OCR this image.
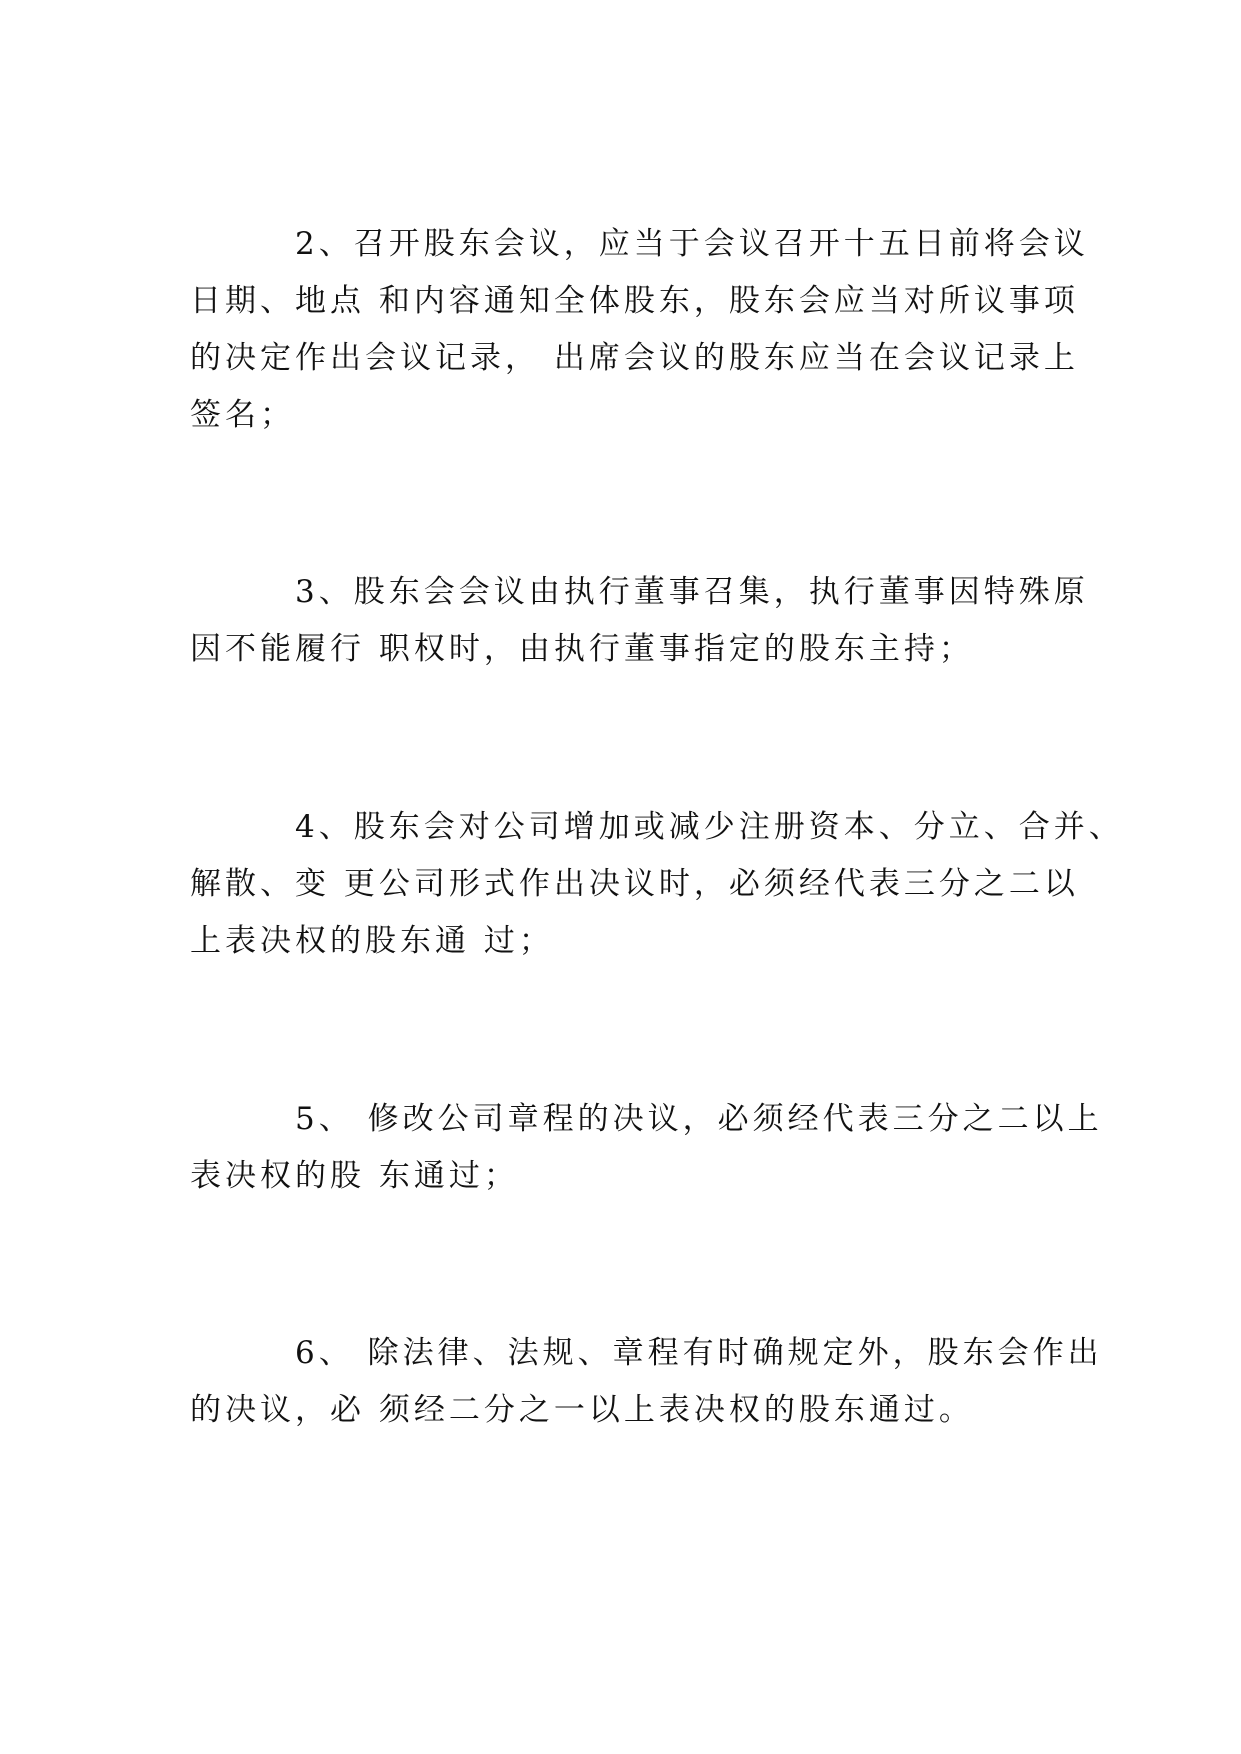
2、召开股东会议，应当于会议召开十五日前将会议
日期、地点 和内容通知全体股东，股东会应当对所议事项
的决定作出会议记录， 出席会议的股东应当在会议记录上
签名；
3、股东会会议由执行董事召集，执行董事因特殊原
因不能履行 职权时，由执行董事指定的股东主持；
4、股东会对公司增加或减少注册资本、分立、合并、
解散、变 更公司形式作出决议时，必须经代表三分之二以
上表决权的股东通 过；
5、 修改公司章程的决议，必须经代表三分之二以上
表决权的股 东通过；
6、 除法律、法规、章程有时确规定外，股东会作出
的决议，必 须经二分之一以上表决权的股东通过。
